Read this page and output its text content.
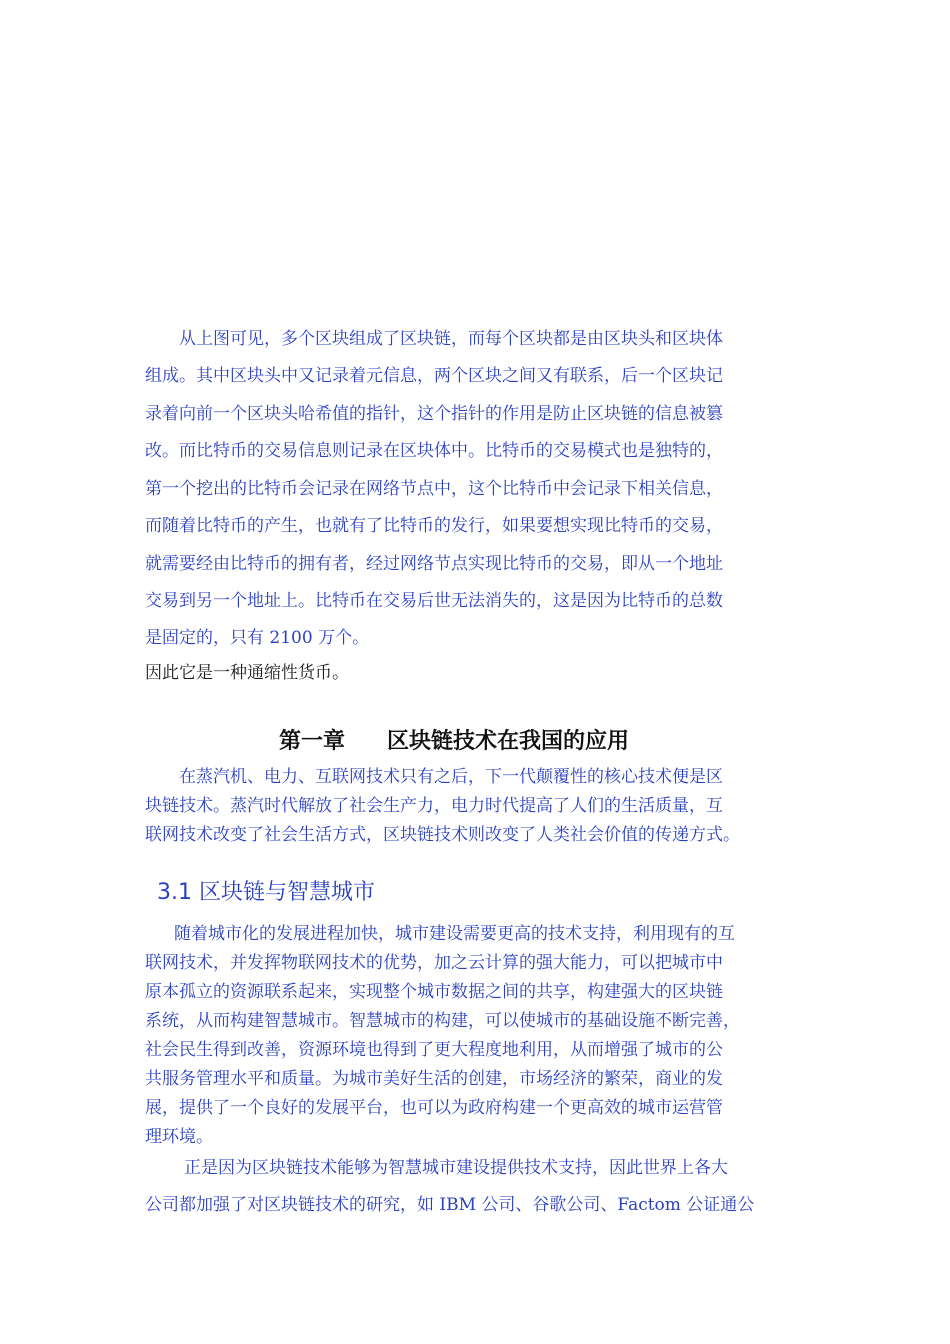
从上图可见，多个区块组成了区块链，而每个区块都是由区块头和区块体
组成。其中区块头中又记录着元信息，两个区块之间又有联系，后一个区块记
录着向前一个区块头哈希值的指针，这个指针的作用是防止区块链的信息被篡
改。而比特币的交易信息则记录在区块体中。比特币的交易模式也是独特的，
第一个挖出的比特币会记录在网络节点中，这个比特币中会记录下相关信息，
而随着比特币的产生，也就有了比特币的发行，如果要想实现比特币的交易，
就需要经由比特币的拥有者，经过网络节点实现比特币的交易，即从一个地址
交易到另一个地址上。比特币在交易后世无法消失的，这是因为比特币的总数
是固定的，只有 2100 万个。
因此它是一种通缩性货币。
第一章 区块链技术在我国的应用
在蒸汽机、电力、互联网技术只有之后，下一代颠覆性的核心技术便是区
块链技术。蒸汽时代解放了社会生产力，电力时代提高了人们的生活质量，互
联网技术改变了社会生活方式，区块链技术则改变了人类社会价值的传递方式。
3.1 区块链与智慧城市
随着城市化的发展进程加快，城市建设需要更高的技术支持，利用现有的互
联网技术，并发挥物联网技术的优势，加之云计算的强大能力，可以把城市中
原本孤立的资源联系起来，实现整个城市数据之间的共享，构建强大的区块链
系统，从而构建智慧城市。智慧城市的构建，可以使城市的基础设施不断完善，
社会民生得到改善，资源环境也得到了更大程度地利用，从而增强了城市的公
共服务管理水平和质量。为城市美好生活的创建，市场经济的繁荣，商业的发
展，提供了一个良好的发展平台，也可以为政府构建一个更高效的城市运营管
理环境。
正是因为区块链技术能够为智慧城市建设提供技术支持，因此世界上各大
公司都加强了对区块链技术的研究，如 IBM 公司、谷歌公司、Factom 公证通公
